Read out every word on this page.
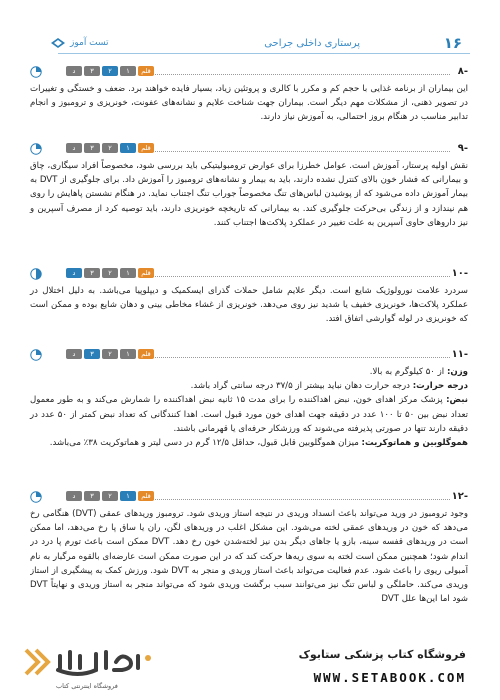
تست آموز	پرستاری داخلی جراحی	۱۶
-۸
د	۳	۲	۱	قلم

این بیماران از برنامه غذایی با حجم کم و مکرر با کالری و پروتئین زیاد، بسیار فایده خواهند برد. ضعف و خستگی و تغییرات در تصویر ذهنی، از مشکلات مهم دیگر است. بیماران جهت شناخت علایم و نشانه‌های عفونت، خونریزی و ترومبوز و انجام تدابیر مناسب در هنگام بروز احتمالی، به آموزش نیاز دارند.

-۹
د	۳	۲	۱	قلم

نقش اولیه پرستار، آموزش است. عوامل خطرزا برای عوارض ترومبولیتیکی باید بررسی شود، مخصوصاً افراد سیگاری، چاق و بیمارانی که فشار خون بالای کنترل نشده دارند، باید به بیمار و نشانه‌های ترومبوز را آموزش داد. برای جلوگیری از DVT به بیمار آموزش داده می‌شود که از پوشیدن لباس‌های تنگ مخصوصاً جوراب تنگ اجتناب نماید. در هنگام نشستن پاهایش را روی هم نیندازد و از زندگی بی‌حرکت جلوگیری کند. به بیمارانی که تاریخچه خونریزی دارند، باید توصیه کرد از مصرف آسپرین و نیز داروهای حاوی آسپرین به علت تغییر در عملکرد پلاکت‌ها اجتناب کنند.

-۱۰
د	۳	۲	۱	قلم

سردرد علامت نورولوژیک شایع است. دیگر علایم شامل حملات گذرای ایسکمیک و دیپلوپیا می‌باشد. به دلیل اختلال در عملکرد پلاکت‌ها، خونریزی خفیف یا شدید نیز روی می‌دهد. خونریزی از غشاء مخاطی بینی و دهان شایع بوده و ممکن است که خونریزی در لوله گوارشی اتفاق افتد.

-۱۱
د	۳	۲	۱	قلم

وزن: از ۵۰ کیلوگرم به بالا.

درجه حرارت: درجه حرارت دهان نباید بیشتر از ۳۷/۵ درجه سانتی گراد باشد.

نبض: پزشک مرکز اهدای خون، نبض اهداکننده را برای مدت ۱۵ ثانیه نبض اهداکننده را شمارش می‌کند و به طور معمول تعداد نبض بین ۵۰ تا ۱۰۰ عدد در دقیقه جهت اهدای خون مورد قبول است. اهدا کنندگانی که تعداد نبض کمتر از ۵۰ عدد در دقیقه دارند تنها در صورتی پذیرفته می‌شوند که ورزشکار حرفه‌ای یا قهرمانی باشند.

هموگلوبین و هماتوکریت: میزان هموگلوبین قابل قبول، حداقل ۱۲/۵ گرم در دسی لیتر و هماتوکریت ۳۸٪ می‌باشد.

-۱۲
د	۳	۲	۱	قلم

وجود ترومبوز در ورید می‌تواند باعث انسداد وریدی در نتیجه استاز وریدی شود. ترومبوز وریدهای عمقی (DVT) هنگامی رخ می‌دهد که خون در وریدهای عمقی لخته می‌شود. این مشکل اغلب در وریدهای لگن، ران یا ساق پا رخ می‌دهد، اما ممکن است در وریدهای قفسه سینه، بازو یا جاهای دیگر بدن نیز لخته‌شدن خون رخ دهد. DVT ممکن است باعث تورم پا درد در اندام شود؛ همچنین ممکن است لخته به سوی ریه‌ها حرکت کند که در این صورت ممکن است عارضه‌ای بالقوه مرگبار به نام آمبولی ریوی را باعث شود. عدم فعالیت می‌تواند باعث استاز وریدی و منجر به DVT شود. ورزش کمک به پیشگیری از استاز وریدی می‌کند. حاملگی و لباس تنگ نیز می‌توانند سبب برگشت وریدی شود که می‌تواند منجر به استاز وریدی و نهایتاً DVT شود اما این‌ها علل DVT

فروشگاه اینترنتی کتاب
فروشگاه کتاب پزشکی ستابوک
WWW.SETABOOK.COM
